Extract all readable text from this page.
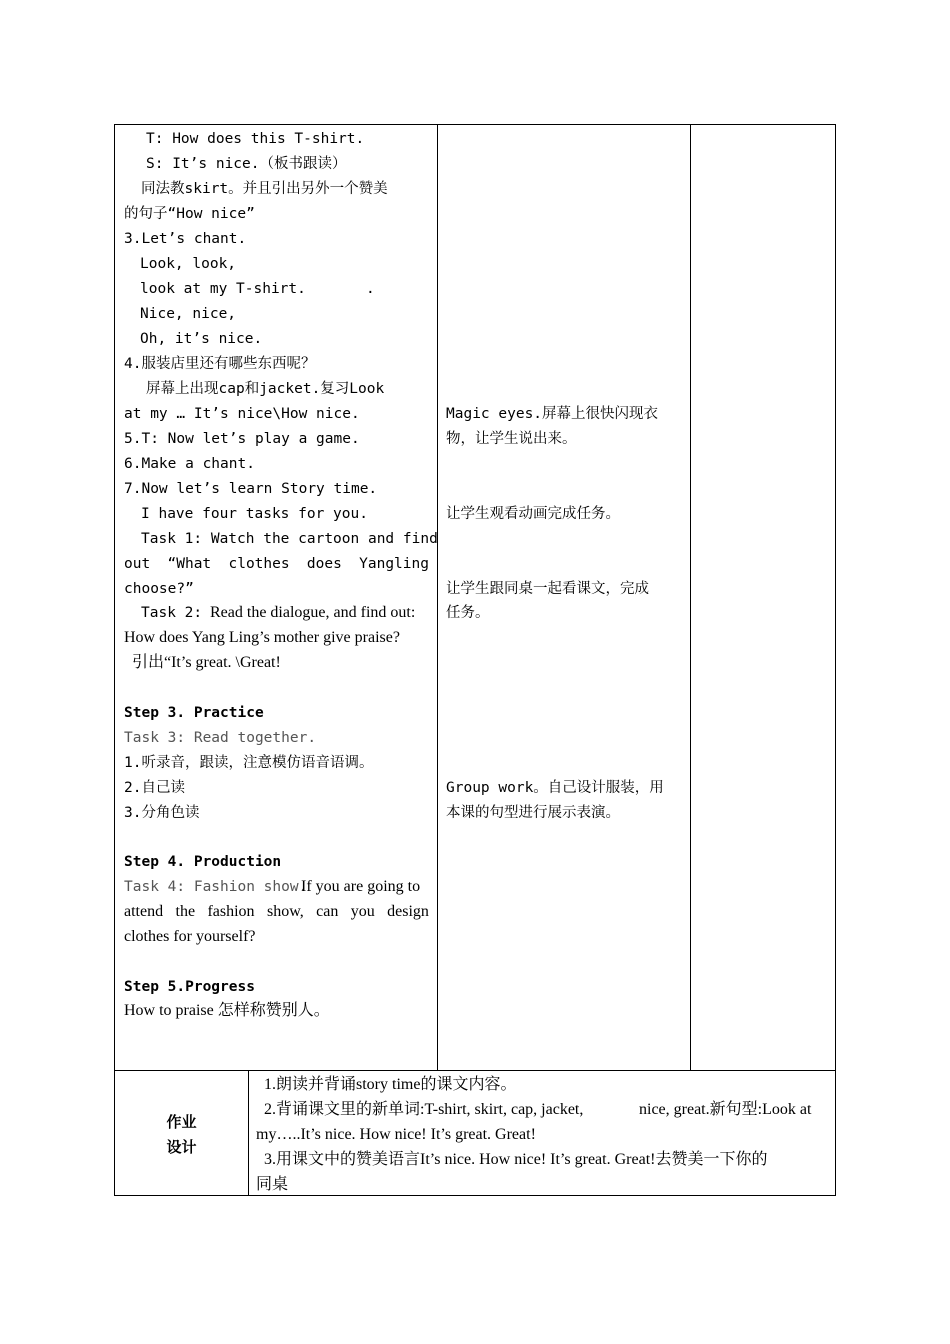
T: How does this T-shirt.
S: It’s nice.（板书跟读）
同法教skirt。并且引出另外一个赞美
的句子“How nice”
3.Let’s chant.
Look, look,
look at my T-shirt.	.
Nice, nice,
Oh, it’s nice.
4.服装店里还有哪些东西呢？
屏幕上出现cap和jacket.复习Look
at my … It’s nice\How nice.
5.T: Now let’s play a game.
6.Make a chant.
7.Now let’s learn Story time.
I have four tasks for you.
Task 1: Watch the cartoon and find
out “What clothes does Yangling
choose?”
Task 2: Read the dialogue, and find out:
How does Yang Ling’s mother give praise?
引出“It’s great. \Great!
Step 3. Practice
Task 3: Read together.
1.听录音，跟读，注意模仿语音语调。
2.自己读
3.分角色读
Step 4. Production
Task 4: Fashion show.
If you are going to
attend the fashion show, can you design
clothes for yourself?
Step 5.Progress
How to praise 怎样称赞别人。
Magic eyes.屏幕上很快闪现衣
物，让学生说出来。
让学生观看动画完成任务。
让学生跟同桌一起看课文，完成
任务。
Group work。自己设计服装，用
本课的句型进行展示表演。
作业
设计
1.朗读并背诵story time的课文内容。
2.背诵课文里的新单词:T-shirt, skirt, cap, jacket,	nice, great.新句型:Look at
my…..It’s nice. How nice! It’s great. Great!
3.用课文中的赞美语言It’s nice. How nice! It’s great. Great!去赞美一下你的
同桌
